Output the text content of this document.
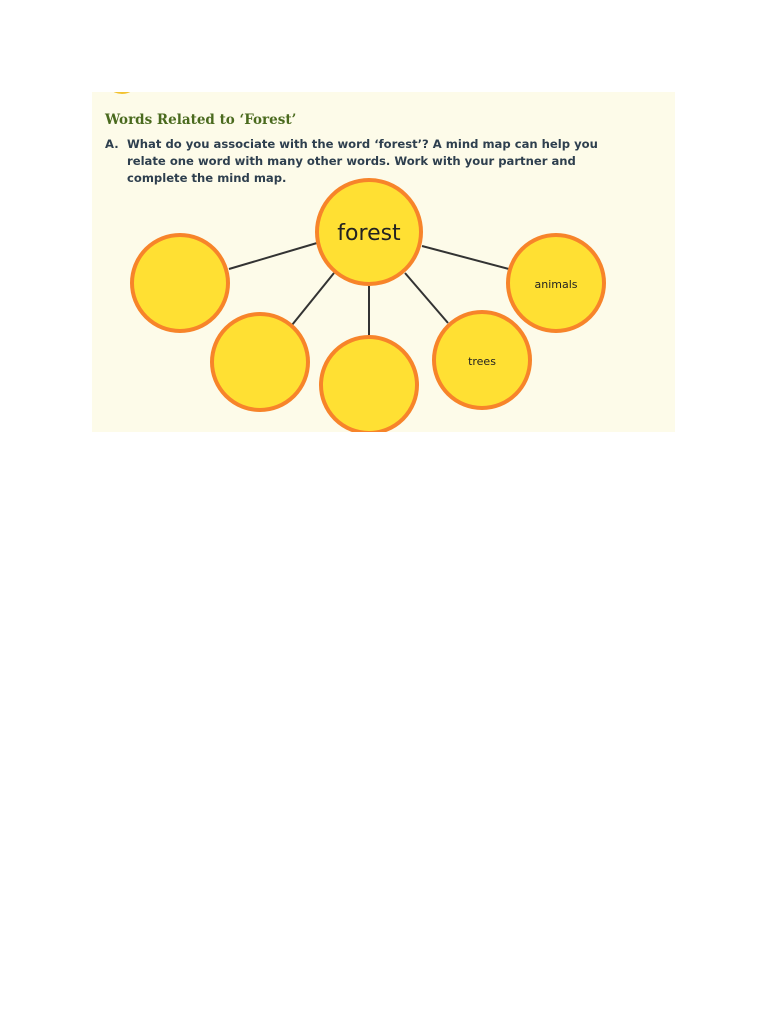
Words Related to ‘Forest’
A. What do you associate with the word ‘forest’? A mind map can help you relate one word with many other words. Work with your partner and complete the mind map.
trees
animals
forest
